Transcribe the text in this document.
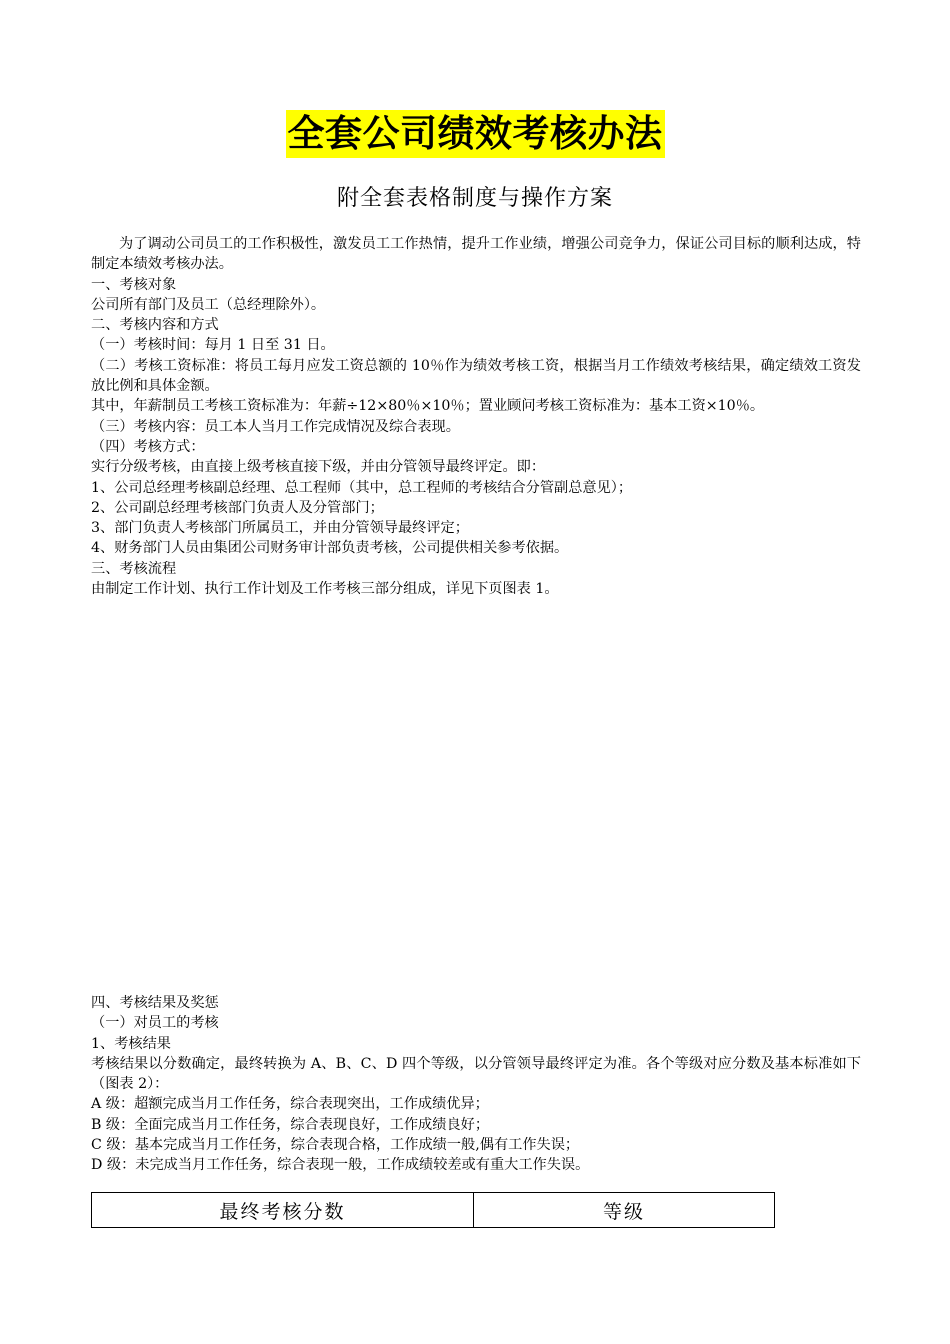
全套公司绩效考核办法
附全套表格制度与操作方案

为了调动公司员工的工作积极性，激发员工工作热情，提升工作业绩，增强公司竞争力，保证公司目标的顺利达成，特制定本绩效考核办法。

一、考核对象

公司所有部门及员工（总经理除外）。

二、考核内容和方式

（一）考核时间：每月 1 日至 31 日。

（二）考核工资标准：将员工每月应发工资总额的 10％作为绩效考核工资，根据当月工作绩效考核结果，确定绩效工资发放比例和具体金额。

其中，年薪制员工考核工资标准为：年薪÷12×80％×10％；置业顾问考核工资标准为：基本工资×10％。

（三）考核内容：员工本人当月工作完成情况及综合表现。

（四）考核方式：

实行分级考核，由直接上级考核直接下级，并由分管领导最终评定。即：

1、公司总经理考核副总经理、总工程师（其中，总工程师的考核结合分管副总意见）；

2、公司副总经理考核部门负责人及分管部门；

3、部门负责人考核部门所属员工，并由分管领导最终评定；

4、财务部门人员由集团公司财务审计部负责考核，公司提供相关参考依据。

三、考核流程

由制定工作计划、执行工作计划及工作考核三部分组成，详见下页图表 1。

四、考核结果及奖惩

（一）对员工的考核

1、考核结果

考核结果以分数确定，最终转换为 A、B、C、D 四个等级，以分管领导最终评定为准。各个等级对应分数及基本标准如下（图表 2）：

A 级：超额完成当月工作任务，综合表现突出，工作成绩优异；

B 级：全面完成当月工作任务，综合表现良好，工作成绩良好；

C 级：基本完成当月工作任务，综合表现合格，工作成绩一般,偶有工作失误；

D 级：未完成当月工作任务，综合表现一般，工作成绩较差或有重大工作失误。

最终考核分数	等级
